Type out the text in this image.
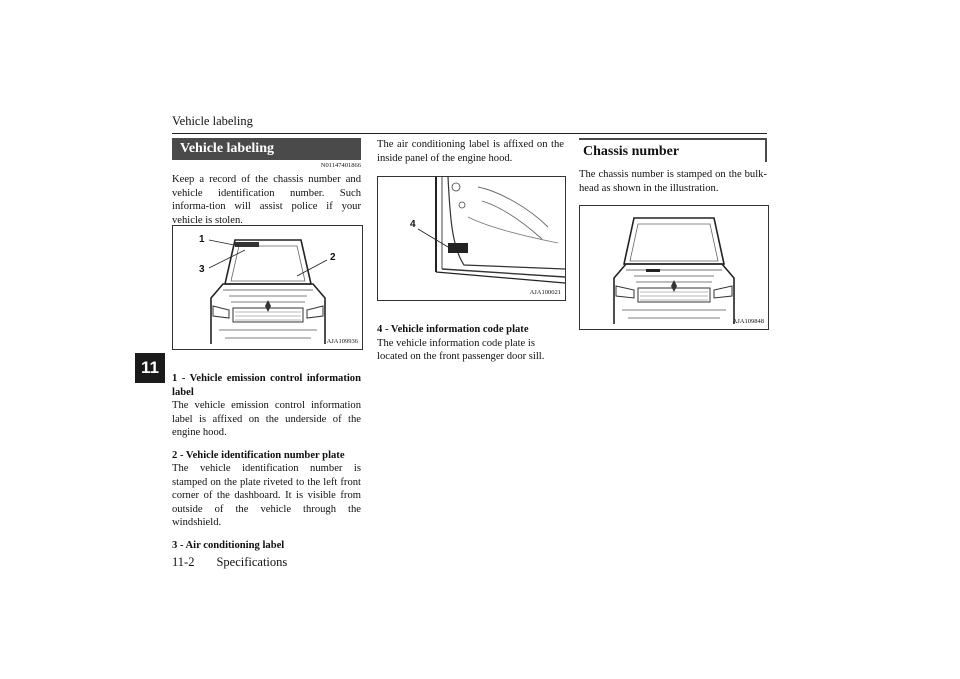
Vehicle labeling
11
Vehicle labeling
N01147401866

Keep a record of the chassis number and vehicle identification number. Such informa-tion will assist police if your vehicle is stolen.

1
2
3
AJA109936

1 - Vehicle emission control information label

The vehicle emission control information label is affixed on the underside of the engine hood.

2 - Vehicle identification number plate

The vehicle identification number is stamped on the plate riveted to the left front corner of the dashboard. It is visible from outside of the vehicle through the windshield.

3 - Air conditioning label

The air conditioning label is affixed on the inside panel of the engine hood.

4
AJA100021

4 - Vehicle information code plate

The vehicle information code plate is located on the front passenger door sill.

Chassis number

The chassis number is stamped on the bulk-head as shown in the illustration.

AJA109848
11-2 Specifications
